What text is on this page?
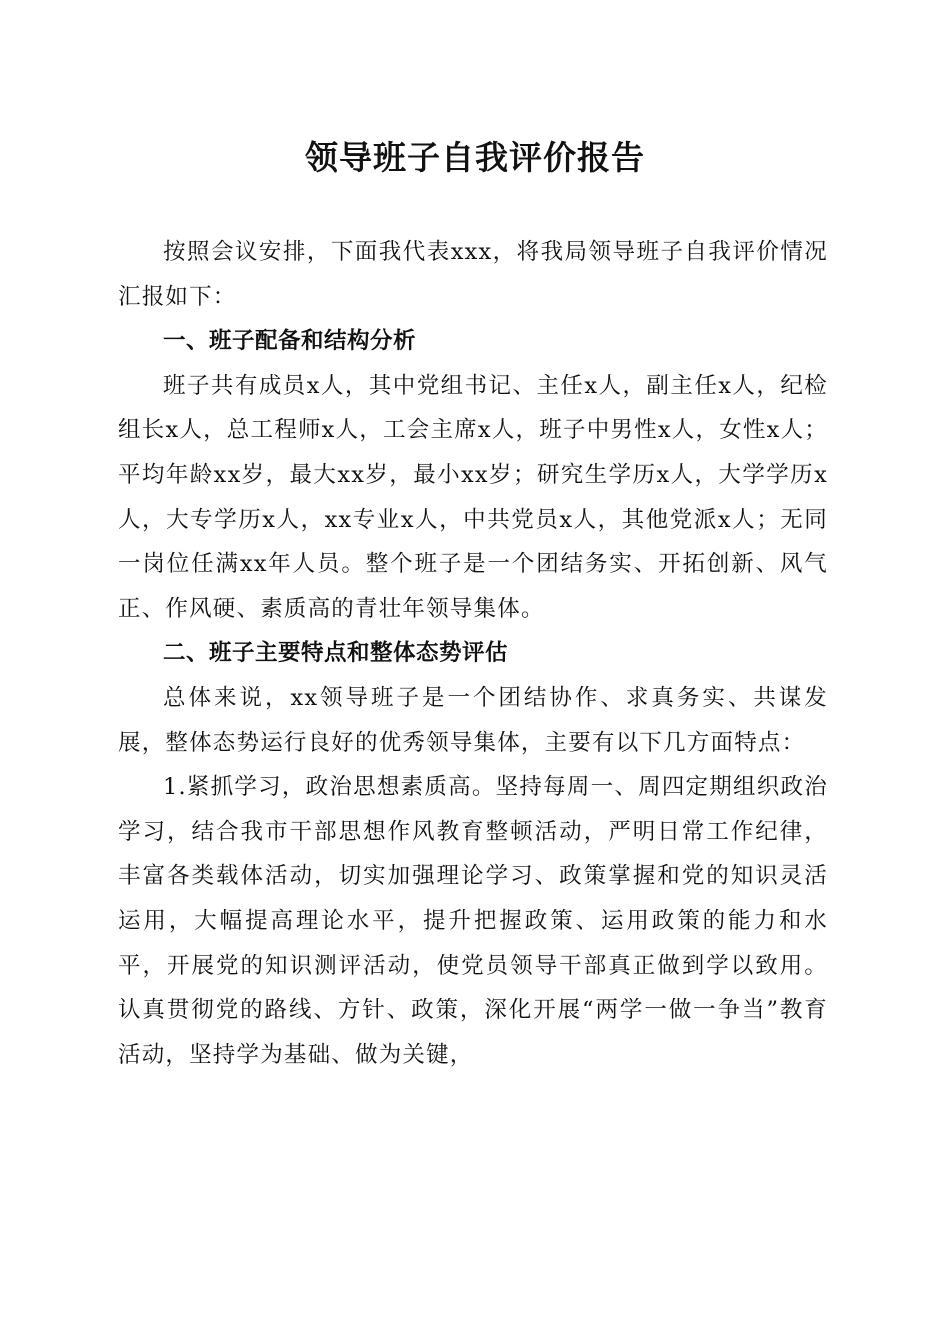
领导班子自我评价报告

按照会议安排，下面我代表xxx，将我局领导班子自我评价情况汇报如下：

一、班子配备和结构分析

班子共有成员x人，其中党组书记、主任x人，副主任x人，纪检组长x人，总工程师x人，工会主席x人，班子中男性x人，女性x人；平均年龄xx岁，最大xx岁，最小xx岁；研究生学历x人，大学学历x人，大专学历x人，xx专业x人，中共党员x人，其他党派x人；无同一岗位任满xx年人员。整个班子是一个团结务实、开拓创新、风气正、作风硬、素质高的青壮年领导集体。

二、班子主要特点和整体态势评估

总体来说，xx领导班子是一个团结协作、求真务实、共谋发展，整体态势运行良好的优秀领导集体，主要有以下几方面特点：

1.紧抓学习，政治思想素质高。坚持每周一、周四定期组织政治学习，结合我市干部思想作风教育整顿活动，严明日常工作纪律，丰富各类载体活动，切实加强理论学习、政策掌握和党的知识灵活运用，大幅提高理论水平，提升把握政策、运用政策的能力和水平，开展党的知识测评活动，使党员领导干部真正做到学以致用。认真贯彻党的路线、方针、政策，深化开展“两学一做一争当”教育活动，坚持学为基础、做为关键，
